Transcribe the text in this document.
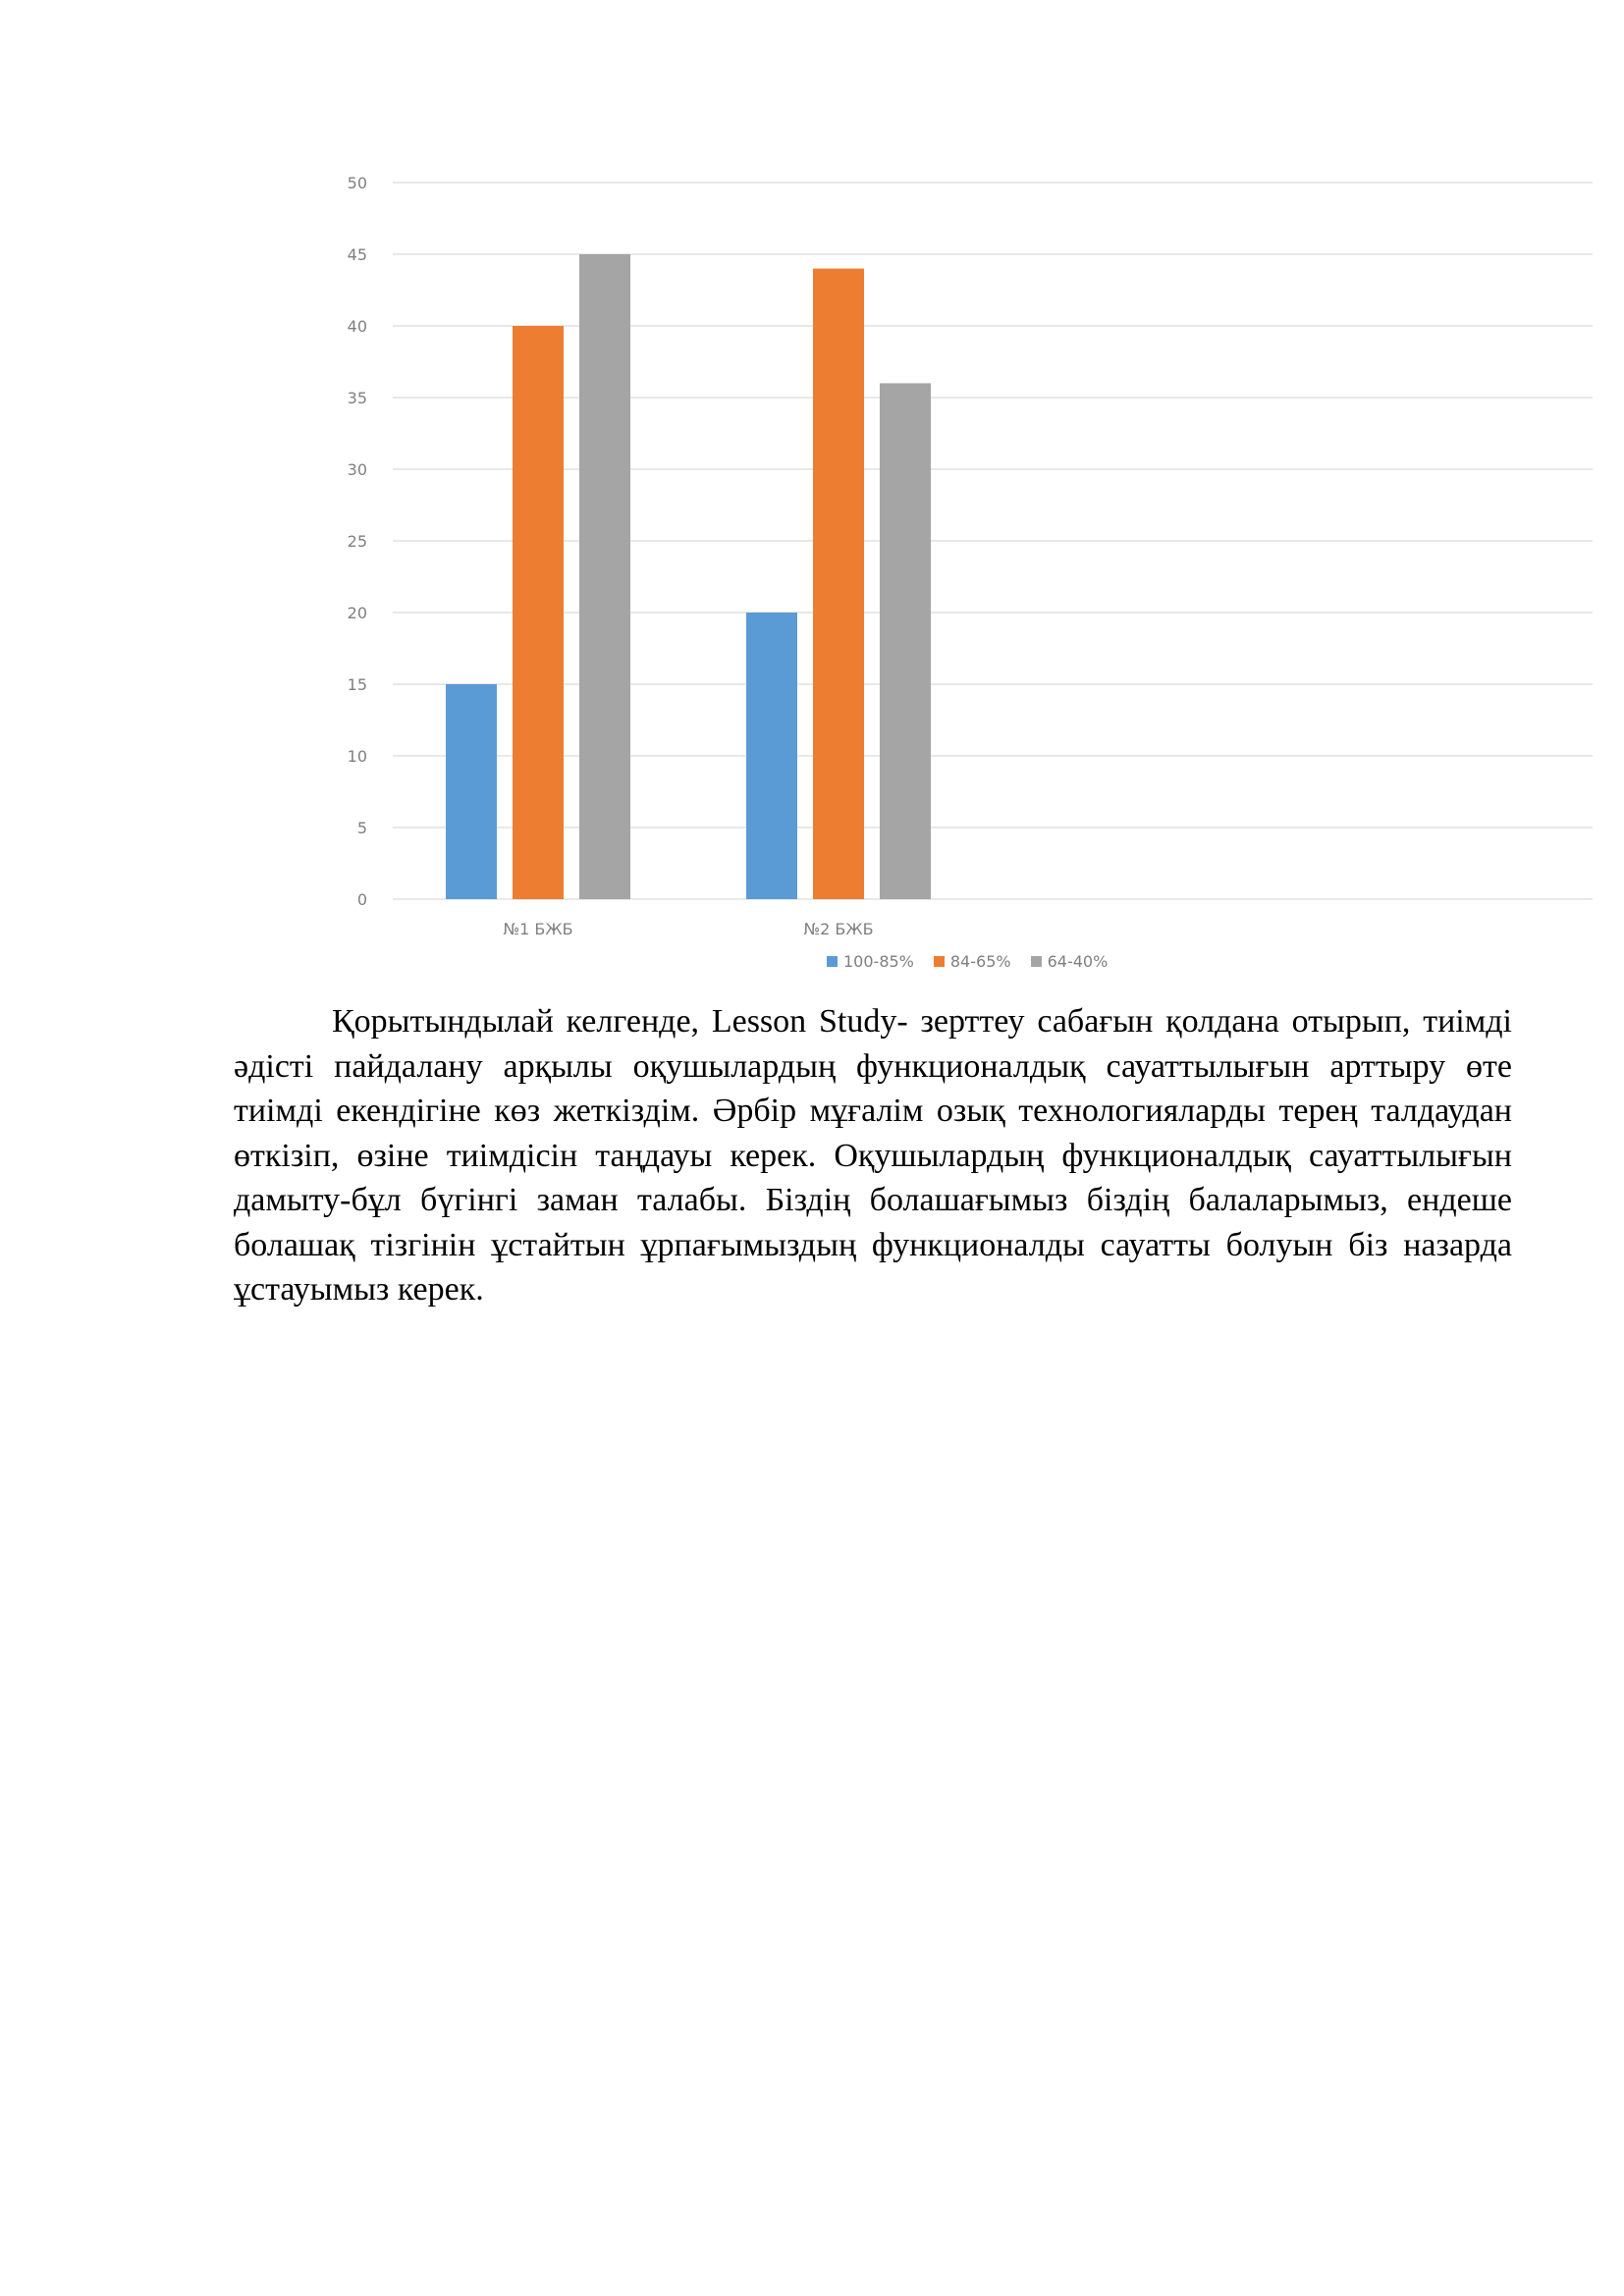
0
5
10
15
20
25
30
35
40
45
50
№1 БЖБ	№2 БЖБ
100-85% 84-65% 64-40%

Қорытындылай келгенде, Lesson Study- зерттеу сабағын қолдана отырып, тиімді әдісті пайдалану арқылы оқушылардың функционалдық сауаттылығын арттыру өте тиімді екендігіне көз жеткіздім. Әрбір мұғалім озық технологияларды терең талдаудан өткізіп, өзіне тиімдісін таңдауы керек. Оқушылардың функционалдық сауаттылығын дамыту-бұл бүгінгі заман талабы. Біздің болашағымыз біздің балаларымыз, ендеше болашақ тізгінін ұстайтын ұрпағымыздың функционалды сауатты болуын біз назарда ұстауымыз керек.
